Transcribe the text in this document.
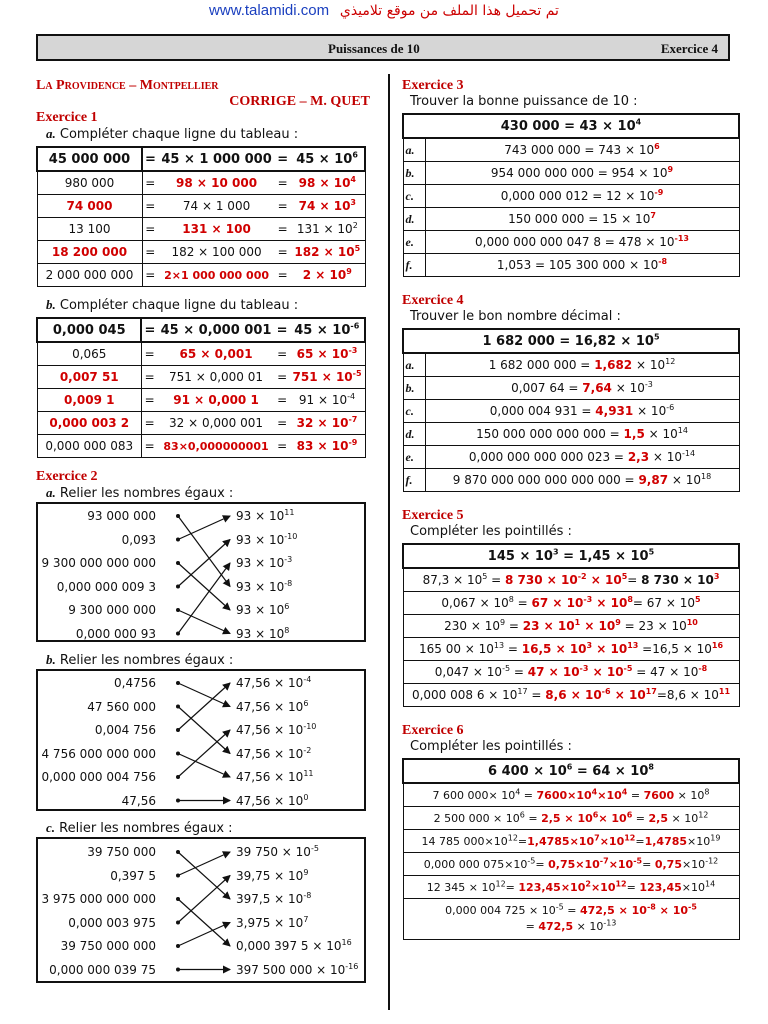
www.talamidi.com تم تحميل هذا الملف من موقع تلاميذي
Puissances de 10	Exercice 4
La Providence – Montpellier
CORRIGE – M. QUET
Exercice 1
a. Compléter chaque ligne du tableau :
45 000 000	=	45 × 1 000 000	=	$45 \times 10^6$
980 000	=	98 × 10 000	=	$98 \times 10^4$
74 000	=	74 × 1 000	=	$74 \times 10^3$
13 100	=	131 × 100	=	$131 \times 10^2$
18 200 000	=	182 × 100 000	=	$182 \times 10^5$
2 000 000 000	=	2×1 000 000 000	=	$2 \times 10^9$
b. Compléter chaque ligne du tableau :
0,000 045	=	45 × 0,000 001	=	$45 \times 10^{-6}$
0,065	=	65 × 0,001	=	$65 \times 10^{-3}$
0,007 51	=	751 × 0,000 01	=	$751 \times 10^{-5}$
0,009 1	=	91 × 0,000 1	=	$91 \times 10^{-4}$
0,000 003 2	=	32 × 0,000 001	=	$32 \times 10^{-7}$
0,000 000 083	=	83×0,000000001	=	$83 \times 10^{-9}$
Exercice 2
a. Relier les nombres égaux :
93 000 000	$93 \times 10^{11}$
0,093	$93 \times 10^{-10}$
9 300 000 000 000	$93 \times 10^{-3}$
0,000 000 009 3	$93 \times 10^{-8}$
9 300 000 000	$93 \times 10^6$
0,000 000 93	$93 \times 10^8$
b. Relier les nombres égaux :
0,4756	$47,56 \times 10^{-4}$
47 560 000	$47,56 \times 10^6$
0,004 756	$47,56 \times 10^{-10}$
4 756 000 000 000	$47,56 \times 10^{-2}$
0,000 000 004 756	$47,56 \times 10^{11}$
47,56	$47,56 \times 10^0$
c. Relier les nombres égaux :
39 750 000	39 $750 \times 10^{-5}$
0,397 5	$39,75 \times 10^9$
3 975 000 000 000	$397,5 \times 10^{-8}$
0,000 003 975	$3,975 \times 10^7$
39 750 000 000	0,000 397 $5 \times 10^{16}$
0,000 000 039 75	397 500 $000 \times 10^{-16}$
Exercice 3
Trouver la bonne puissance de 10 :
430 $000 = 43 \times 10^4$
a.	743 000 $000 = 743 \times 10^6$
b.	954 000 000 $000 = 954 \times 10^9$
c.	0,000 000 $012 = 12 \times 10^{-9}$
d.	150 000 $000 = 15 \times 10^7$
e.	0,000 000 000 047 $8 = 478 \times 10^{-13}$
f.	1,053 = 105 300 $000 \times 10^{-8}$
Exercice 4
Trouver le bon nombre décimal :
1 682 $000 = 16,82 \times 10^5$
a.	1 682 000 $000 = 1,682 \times 10^{12}$
b.	0,007 $64 = 7,64 \times 10^{-3}$
c.	0,000 004 $931 = 4,931 \times 10^{-6}$
d.	150 000 000 000 $000 = 1,5 \times 10^{14}$
e.	0,000 000 000 000 $023 = 2,3 \times 10^{-14}$
f.	9 870 000 000 000 000 $000 = 9,87 \times 10^{18}$
Exercice 5
Compléter les pointillés :
$145 \times 10^3 = 1,45 \times 10^5$
$87,3 \times 10^5 = 8$ $730 \times 10^{-2} \times 10^5= 8$ $730 \times 10^3$
$0,067 \times 10^8 = 67 \times 10^{-3} \times 10^8= 67 \times 10^5$
$230 \times 10^9 = 23 \times 10^1 \times 10^9 = 23 \times 10^{10}$
165 $00 \times 10^{13} = 16,5 \times 10^3 \times 10^{13} =16,5 \times 10^{16}$
$0,047 \times 10^{-5} = 47 \times 10^{-3} \times 10^{-5} = 47 \times 10^{-8}$
0,000 008 $6 \times 10^{17} = 8,6 \times 10^{-6} \times 10^{17}=8,6 \times 10^{11}$
Exercice 6
Compléter les pointillés :
6 $400 \times 10^6 = 64 \times 10^8$
7 600 $000\times 10^4 = 7600\times 10^4\times 10^4 = 7600 \times 10^8$
2 500 $000 \times 10^6 = 2,5 \times 10^6\times 10^6 = 2,5 \times 10^{12}$
14 785 $000\times 10^{12}=1,4785\times 10^7\times 10^{12}=1,4785\times 10^{19}$
0,000 000 $075\times 10^{-5}= 0,75\times 10^{-7}\times 10^{-5}= 0,75\times 10^{-12}$
12 $345 \times 10^{12}= 123,45\times 10^2\times 10^{12}= 123,45\times 10^{14}$
0,000 004 $725 \times 10^{-5} = 472,5 \times 10^{-8} \times 10^{-5}$
= $472,5 \times 10^{-13}$
